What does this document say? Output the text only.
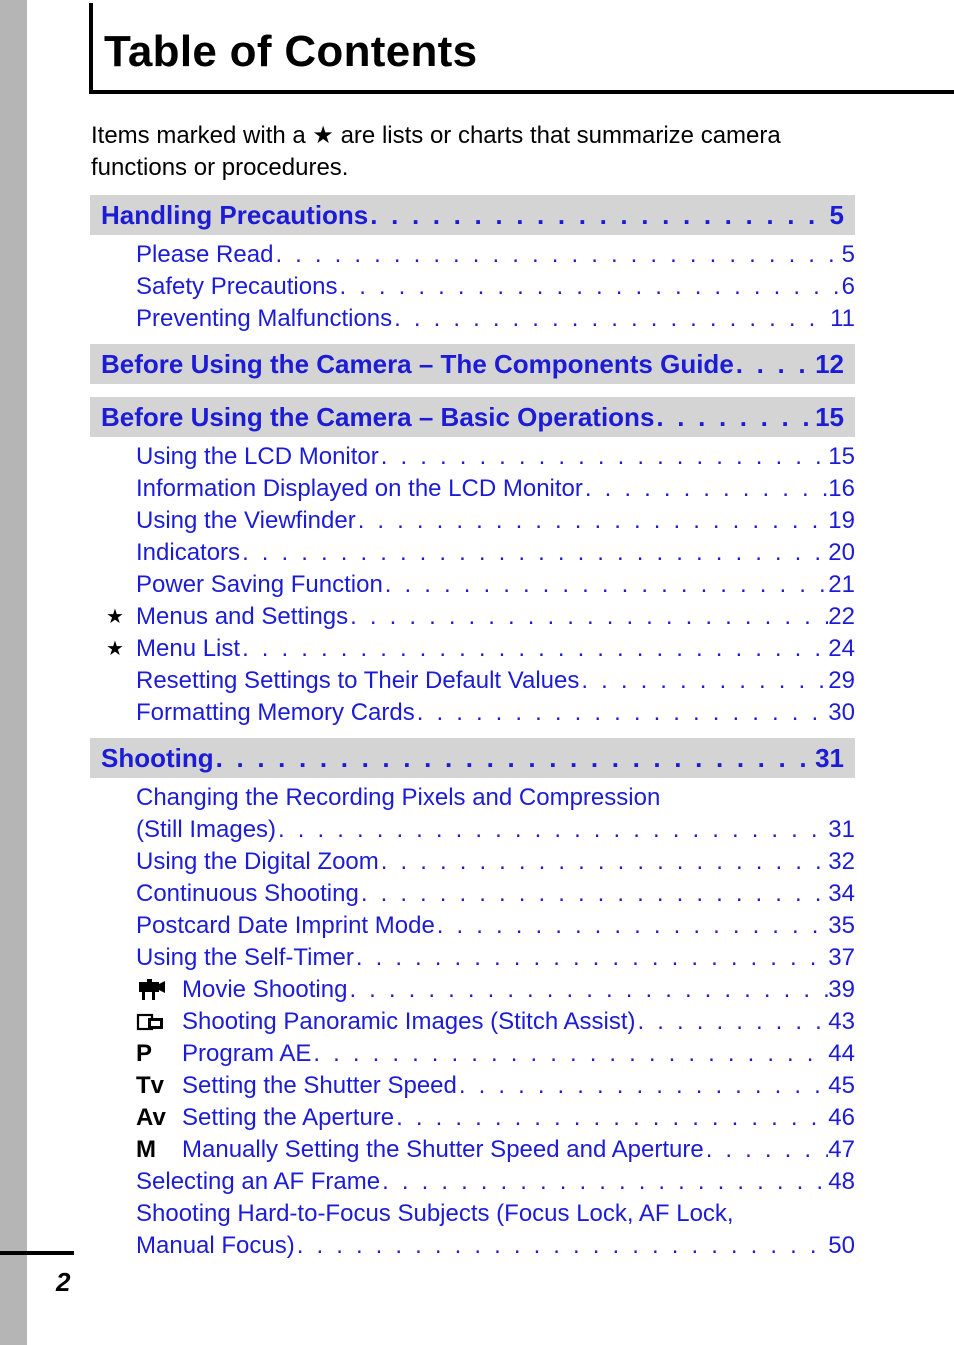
Table of Contents

Items marked with a ★ are lists or charts that summarize camera functions or procedures.

Handling Precautions . . .	5
Please Read . . .	5
Safety Precautions . . .	6
Preventing Malfunctions . . .	11
Before Using the Camera – The Components Guide . . .	12
Before Using the Camera – Basic Operations . . .	15
Using the LCD Monitor . . .	15
Information Displayed on the LCD Monitor . . .	16
Using the Viewfinder . . .	19
Indicators . . .	20
Power Saving Function . . .	21
★ Menus and Settings . . .	22
★ Menu List . . .	24
Resetting Settings to Their Default Values . . .	29
Formatting Memory Cards . . .	30
Shooting . . .	31
Changing the Recording Pixels and Compression
(Still Images) . . .	31
Using the Digital Zoom . . .	32
Continuous Shooting . . .	34
Postcard Date Imprint Mode . . .	35
Using the Self-Timer . . .	37
Movie Shooting . . .	39
Shooting Panoramic Images (Stitch Assist) . . .	43
P	Program AE . . .	44
Tv Setting the Shutter Speed . . .	45
Av Setting the Aperture . . .	46
M	Manually Setting the Shutter Speed and Aperture . . .	47
Selecting an AF Frame . . .	48
Shooting Hard-to-Focus Subjects (Focus Lock, AF Lock,
Manual Focus) . . .	50
2
